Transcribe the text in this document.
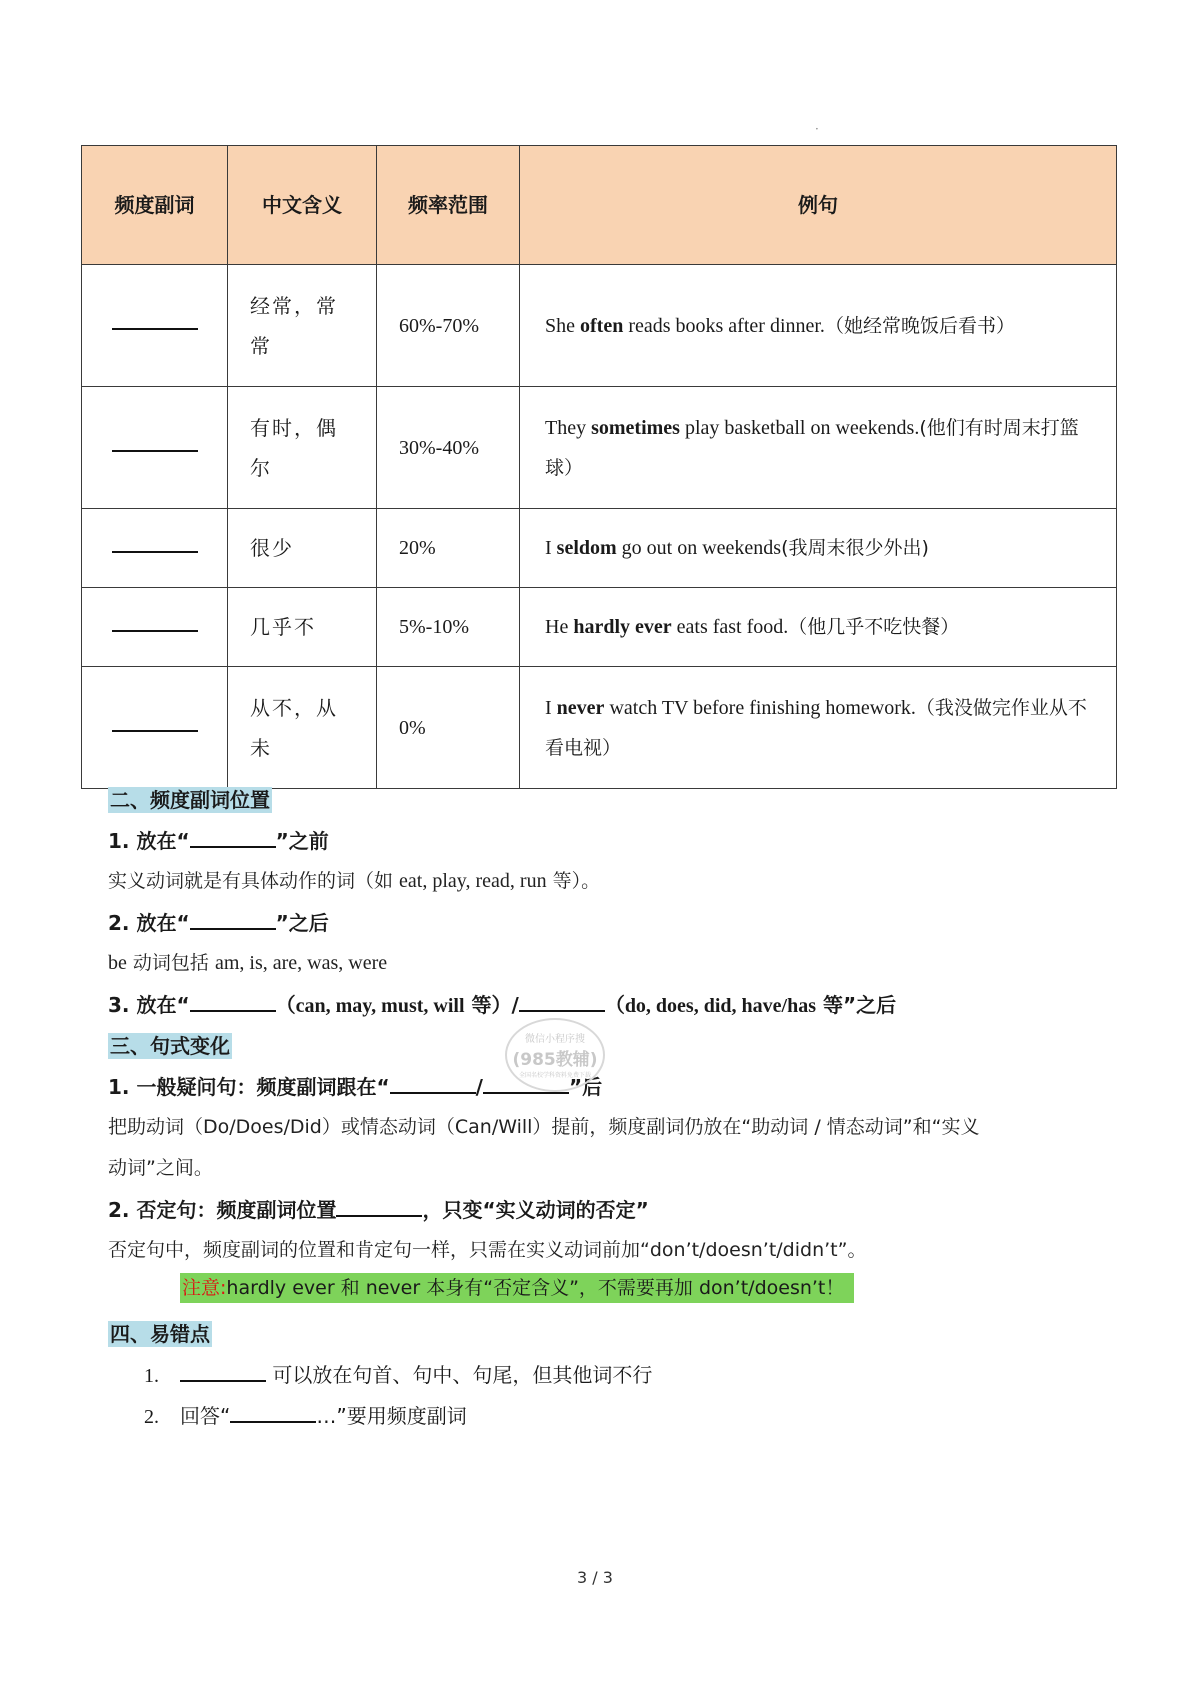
·
频度副词	中文含义	频率范围	例句
	经常，常常	60%-70%	She often reads books after dinner.（她经常晚饭后看书）
	有时，偶尔	30%-40%	They sometimes play basketball on weekends.(他们有时周末打篮球）
	很少	20%	I seldom go out on weekends(我周末很少外出)
	几乎不	5%-10%	He hardly ever eats fast food.（他几乎不吃快餐）
	从不，从未	0%	I never watch TV before finishing homework.（我没做完作业从不看电视）
二、频度副词位置
1. 放在“	”之前
实义动词就是有具体动作的词（如 eat, play, read, run 等）。
2. 放在“	”之后
be 动词包括 am, is, are, was, were
3. 放在“	（can, may, must, will 等）/	（do, does, did, have/has 等”之后
三、句式变化
1. 一般疑问句：频度副词跟在“	/	”后
把助动词（Do/Does/Did）或情态动词（Can/Will）提前，频度副词仍放在“助动词 / 情态动词”和“实义
动词”之间。
2. 否定句：频度副词位置	，只变“实义动词的否定”
否定句中，频度副词的位置和肯定句一样，只需在实义动词前加“don’t/doesn’t/didn’t”。
注意:hardly ever 和 never 本身有“否定含义”，不需要再加 don’t/doesn’t！
四、易错点
1.	可以放在句首、句中、句尾，但其他词不行
2. 回答“	…”要用频度副词
微信小程序搜
(985教辅)
全国名校学科资料免费下载
3 / 3
